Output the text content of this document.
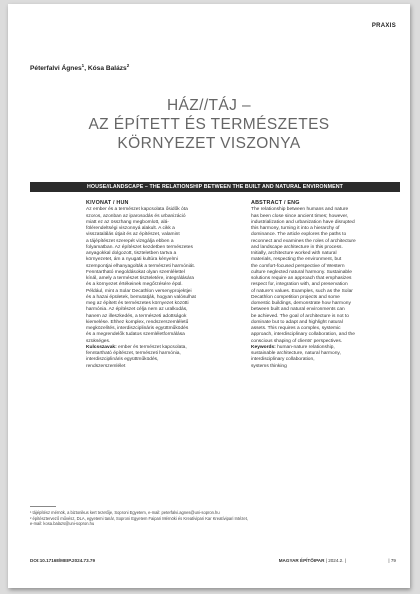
PRAXIS
Péterfalvi Ágnes$^1$, Kósa Balázs$^2$
HÁZ//TÁJ –
AZ ÉPÍTETT ÉS TERMÉSZETES
KÖRNYEZET VISZONYA
HOUSE//LANDSCAPE – THE RELATIONSHIP BETWEEN THE BUILT AND NATURAL ENVIRONMENT
KIVONAT / HUN
Az ember és a természet kapcsolata ősidők óta
szoros, azonban az iparosodás és urbanizáció
miatt ez az összhang megbomlott, alá-
fölérendeltségi viszonnyá alakult. A cikk a
visszatalálás útjait és az építészet, valamint
a tájépítészet szerepét vizsgálja ebben a
folyamatban. Az építészet kezdetben természetes
anyagokkal dolgozott, tiszteletben tartva a
környezetet, ám a nyugati kultúra kényelmi
szempontjai elhanyagolták a természeti harmóniát.
Fenntartható megoldásokat olyan szemlélettel
kínál, amely a természet tiszteletére, integrálására
és a környezet értékeinek megőrzésére épül.
Például, mint a Solar Decathlon versenyprojektjei
és a hazai épületek, bemutatják, hogyan valósulhat
meg az épített és természetes környezet közötti
harmónia. Az építészet célja nem az uralkodás,
hanem az illeszkedés, a természeti adottságok
kiemelése. Ehhez komplex, rendszerszemléletű
megközelítés, interdiszciplináris együttműködés
és a megrendelők tudatos szemléletformálása
szükséges.
Kulcsszavak: ember és természet kapcsolata,
fenntartható építészet, természeti harmónia,
interdiszciplináris együttműködés,
rendszerszemlélet
ABSTRACT / ENG
The relationship between humans and nature
has been close since ancient times; however,
industrialization and urbanization have disrupted
this harmony, turning it into a hierarchy of
dominance. The article explores the paths to
reconnect and examines the roles of architecture
and landscape architecture in this process.
Initially, architecture worked with natural
materials, respecting the environment, but
the comfort-focused perspective of Western
culture neglected natural harmony. Sustainable
solutions require an approach that emphasizes
respect for, integration with, and preservation
of nature's values. Examples, such as the Solar
Decathlon competition projects and some
domestic buildings, demonstrate how harmony
between built and natural environments can
be achieved. The goal of architecture is not to
dominate but to adapt and highlight natural
assets. This requires a complex, systemic
approach, interdisciplinary collaboration, and the
conscious shaping of clients' perspectives.
Keywords: human-nature relationship,
sustainable architecture, natural harmony,
interdisciplinary collaboration,
systems thinking
¹ tájépítész mérnök, a biztonikus kert tezetője, Soproni Egyetem, e-mail: peterfalvi.agnes@uni-sopron.hu
² építésztervező művész, DLA, egyetemi tanár, Soproni Egyetem Faipari Mérnöki és Kreatívipari Kar Kreatívipari Intézet,
e-mail: kosa.balazs@uni-sopron.hu
DOI:10.17168/MEIP.2024.73.79	MAGYAR ÉPÍTŐIPAR | 2024.2. |	| 79
